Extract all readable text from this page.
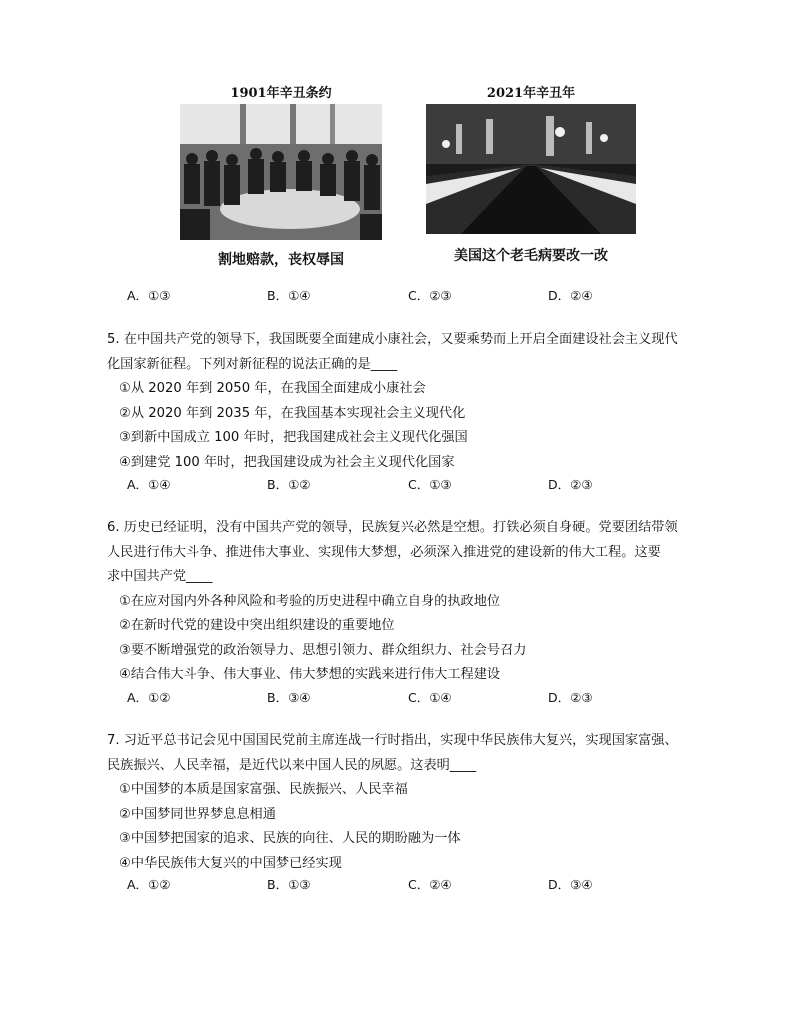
1901年辛丑条约
割地赔款，丧权辱国
2021年辛丑年
美国这个老毛病要改一改
A．①③	B．①④	C．②③	D．②④
5. 在中国共产党的领导下，我国既要全面建成小康社会，又要乘势而上开启全面建设社会主义现代
化国家新征程。下列对新征程的说法正确的是____
①从 2020 年到 2050 年，在我国全面建成小康社会
②从 2020 年到 2035 年，在我国基本实现社会主义现代化
③到新中国成立 100 年时，把我国建成社会主义现代化强国
④到建党 100 年时，把我国建设成为社会主义现代化国家
A．①④	B．①②	C．①③	D．②③
6. 历史已经证明，没有中国共产党的领导，民族复兴必然是空想。打铁必须自身硬。党要团结带领
人民进行伟大斗争、推进伟大事业、实现伟大梦想，必须深入推进党的建设新的伟大工程。这要
求中国共产党____
①在应对国内外各种风险和考验的历史进程中确立自身的执政地位
②在新时代党的建设中突出组织建设的重要地位
③要不断增强党的政治领导力、思想引领力、群众组织力、社会号召力
④结合伟大斗争、伟大事业、伟大梦想的实践来进行伟大工程建设
A．①②	B．③④	C．①④	D．②③
7. 习近平总书记会见中国国民党前主席连战一行时指出，实现中华民族伟大复兴，实现国家富强、
民族振兴、人民幸福，是近代以来中国人民的夙愿。这表明____
①中国梦的本质是国家富强、民族振兴、人民幸福
②中国梦同世界梦息息相通
③中国梦把国家的追求、民族的向往、人民的期盼融为一体
④中华民族伟大复兴的中国梦已经实现
A．①②	B．①③	C．②④	D．③④
